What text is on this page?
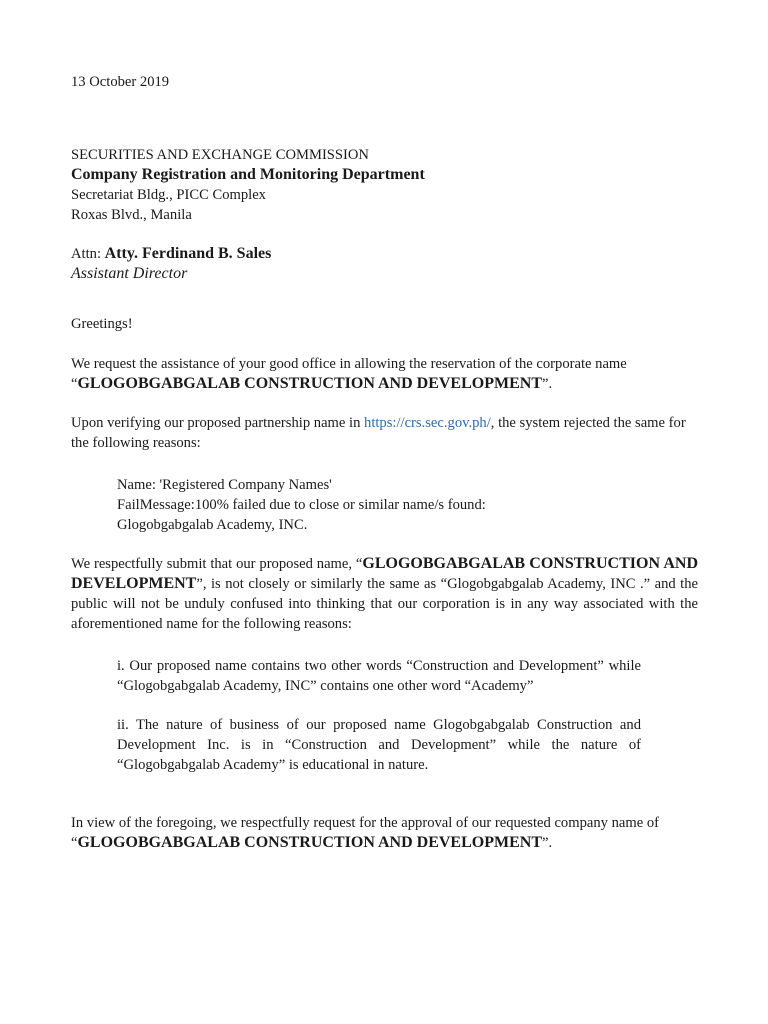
13 October 2019

SECURITIES AND EXCHANGE COMMISSION
Company Registration and Monitoring Department
Secretariat Bldg., PICC Complex
Roxas Blvd., Manila
Attn: Atty. Ferdinand B. Sales
Assistant Director

Greetings!

We request the assistance of your good office in allowing the reservation of the corporate name “GLOGOBGABGALAB CONSTRUCTION AND DEVELOPMENT”.

Upon verifying our proposed partnership name in https://crs.sec.gov.ph/, the system rejected the same for the following reasons:

Name: 'Registered Company Names'
FailMessage:100% failed due to close or similar name/s found:
Glogobgabgalab Academy, INC.

We respectfully submit that our proposed name, “GLOGOBGABGALAB CONSTRUCTION AND DEVELOPMENT”, is not closely or similarly the same as “Glogobgabgalab Academy, INC .” and the public will not be unduly confused into thinking that our corporation is in any way associated with the aforementioned name for the following reasons:

i. Our proposed name contains two other words “Construction and Development” while “Glogobgabgalab Academy, INC” contains one other word “Academy”

ii. The nature of business of our proposed name Glogobgabgalab Construction and Development Inc. is in “Construction and Development” while the nature of “Glogobgabgalab Academy” is educational in nature.

In view of the foregoing, we respectfully request for the approval of our requested company name of “GLOGOBGABGALAB CONSTRUCTION AND DEVELOPMENT”.
